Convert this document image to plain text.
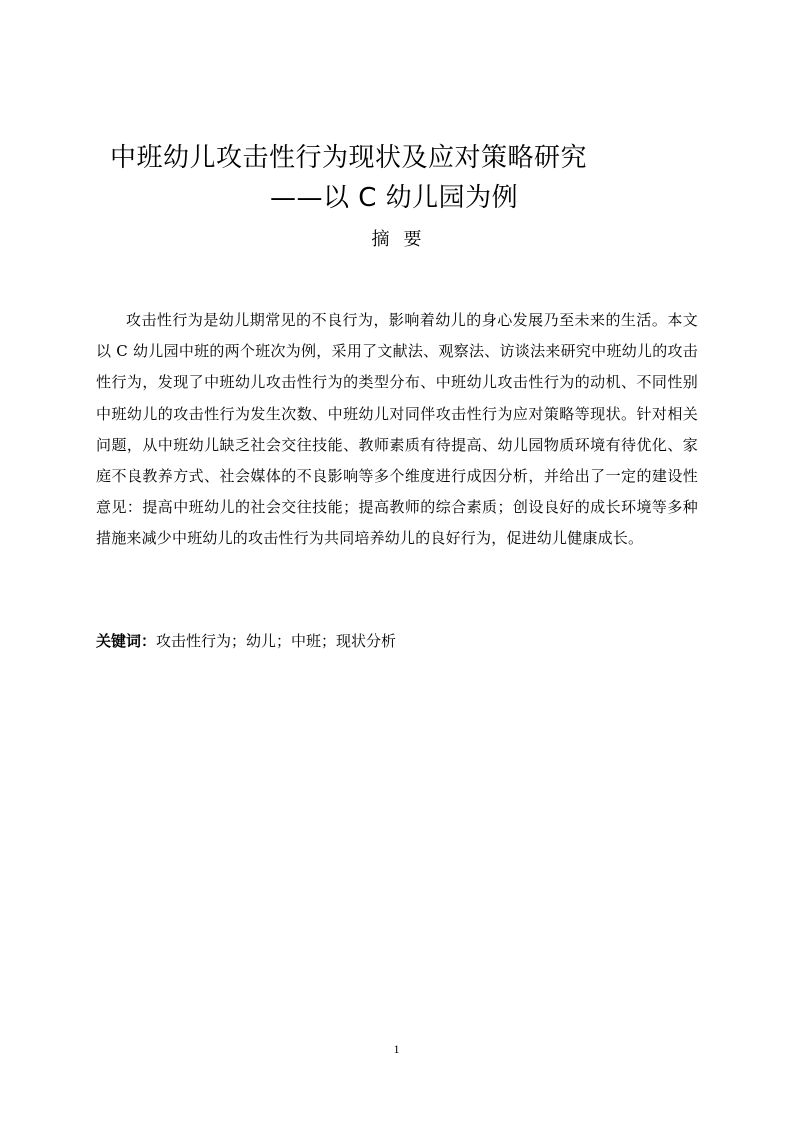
中班幼儿攻击性行为现状及应对策略研究
——以 C 幼儿园为例
摘要

攻击性行为是幼儿期常见的不良行为，影响着幼儿的身心发展乃至未来的生活。本文以 C 幼儿园中班的两个班次为例，采用了文献法、观察法、访谈法来研究中班幼儿的攻击性行为，发现了中班幼儿攻击性行为的类型分布、中班幼儿攻击性行为的动机、不同性别中班幼儿的攻击性行为发生次数、中班幼儿对同伴攻击性行为应对策略等现状。针对相关问题，从中班幼儿缺乏社会交往技能、教师素质有待提高、幼儿园物质环境有待优化、家庭不良教养方式、社会媒体的不良影响等多个维度进行成因分析，并给出了一定的建设性意见：提高中班幼儿的社会交往技能；提高教师的综合素质；创设良好的成长环境等多种措施来减少中班幼儿的攻击性行为共同培养幼儿的良好行为，促进幼儿健康成长。

关键词：攻击性行为；幼儿；中班；现状分析
1
